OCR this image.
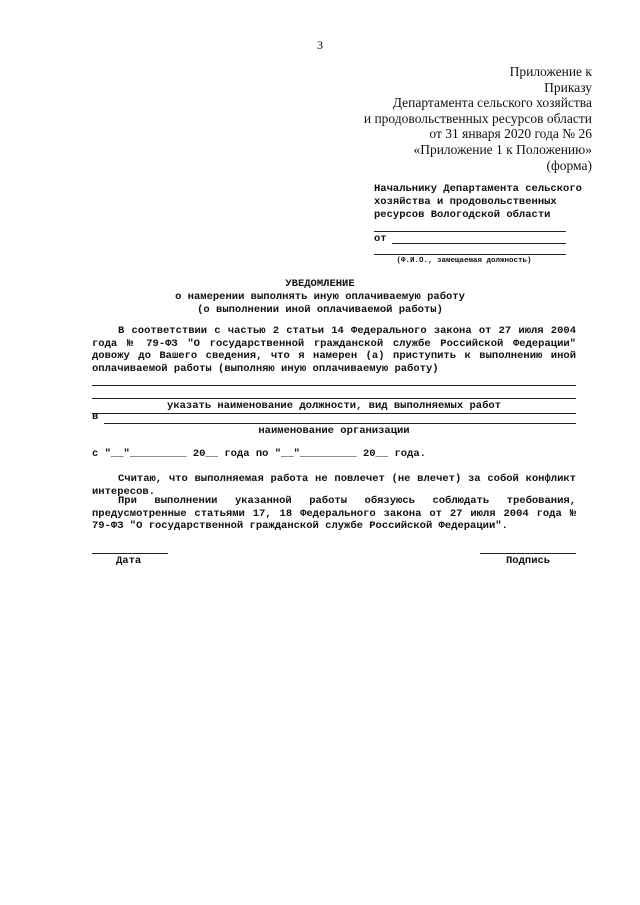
3
Приложение к
Приказу
Департамента сельского хозяйства
и продовольственных ресурсов области
от 31 января 2020 года № 26
«Приложение 1 к Положению»
(форма)
Начальнику Департамента сельского
хозяйства и продовольственных
ресурсов Вологодской области
от
(Ф.И.О., замещаемая должность)
УВЕДОМЛЕНИЕ
о намерении выполнять иную оплачиваемую работу
(о выполнении иной оплачиваемой работы)
В соответствии с частью 2 статьи 14 Федерального закона от 27 июля 2004 года № 79-ФЗ "О государственной гражданской службе Российской Федерации" довожу до Вашего сведения, что я намерен (а) приступить к выполнению иной оплачиваемой работы (выполняю иную оплачиваемую работу)
указать наименование должности, вид выполняемых работ
в
наименование организации
с "__"_________ 20__ года по "__"_________ 20__ года.
Считаю, что выполняемая работа не повлечет (не влечет) за собой конфликт интересов.
При выполнении указанной работы обязуюсь соблюдать требования, предусмотренные статьями 17, 18 Федерального закона от 27 июля 2004 года № 79-ФЗ "О государственной гражданской службе Российской Федерации".
Дата	Подпись
